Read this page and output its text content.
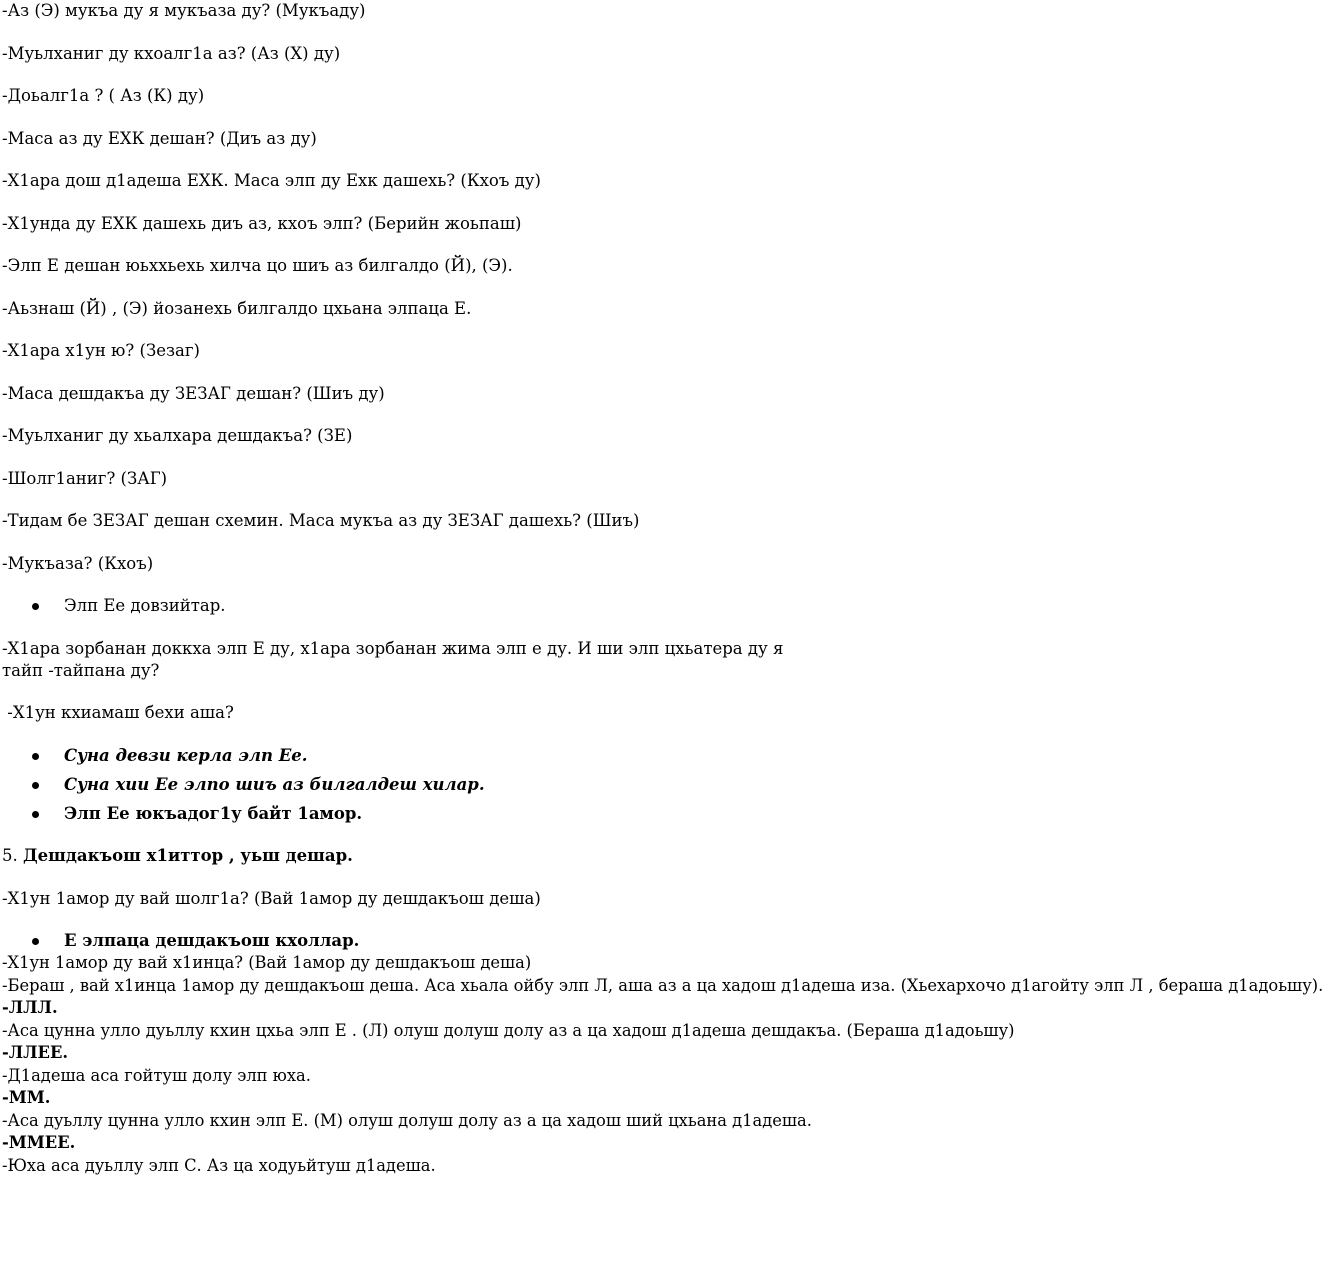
-Аз (Э) мукъа ду я мукъаза ду? (Мукъаду)

-Муьлханиг ду кхоалг1а аз? (Аз (Х) ду)

-Доьалг1а ? ( Аз (К) ду)

-Маса аз ду ЕХК дешан? (Диъ аз ду)

-Х1ара дош д1адеша ЕХК. Маса элп ду Ехк дашехь? (Кхоъ ду)

-Х1унда ду ЕХК дашехь диъ аз, кхоъ элп? (Берийн жоьпаш)

-Элп Е дешан юьххьехь хилча цо шиъ аз билгалдо (Й), (Э).

-Аьзнаш (Й) , (Э) йозанехь билгалдо цхьана элпаца Е.

-Х1ара х1ун ю? (Зезаг)

-Маса дешдакъа ду ЗЕЗАГ дешан? (Шиъ ду)

-Муьлханиг ду хьалхара дешдакъа? (ЗЕ)

-Шолг1аниг? (ЗАГ)

-Тидам бе ЗЕЗАГ дешан схемин. Маса мукъа аз ду ЗЕЗАГ дашехь? (Шиъ)

-Мукъаза? (Кхоъ)

Элп Ее довзийтар.

-Х1ара зорбанан доккха элп Е ду, х1ара зорбанан жима элп е ду. И ши элп цхьатера ду я

тайп -тайпана ду?

-Х1ун кхиамаш бехи аша?

Суна девзи керла элп Ее.
Суна хии Ее элпо шиъ аз билгалдеш хилар.
Элп Ее юкъадог1у байт 1амор.

5. Дешдакъош х1иттор , уьш дешар.

-Х1ун 1амор ду вай шолг1а? (Вай 1амор ду дешдакъош деша)

Е элпаца дешдакъош кхоллар.

-Х1ун 1амор ду вай х1инца? (Вай 1амор ду дешдакъош деша)

-Бераш , вай х1инца 1амор ду дешдакъош деша. Аса хьала ойбу элп Л, аша аз а ца хадош д1адеша иза. (Хьехархочо д1агойту элп Л , бераша д1адоьшу).

-ЛЛЛ.

-Аса цунна улло дуьллу кхин цхьа элп Е . (Л) олуш долуш долу аз а ца хадош д1адеша дешдакъа. (Бераша д1адоьшу)

-ЛЛЕЕ.

-Д1адеша аса гойтуш долу элп юха.

-ММ.

-Аса дуьллу цунна улло кхин элп Е. (М) олуш долуш долу аз а ца хадош ший цхьана д1адеша.

-ММЕЕ.

-Юха аса дуьллу элп С. Аз ца ходуьйтуш д1адеша.
